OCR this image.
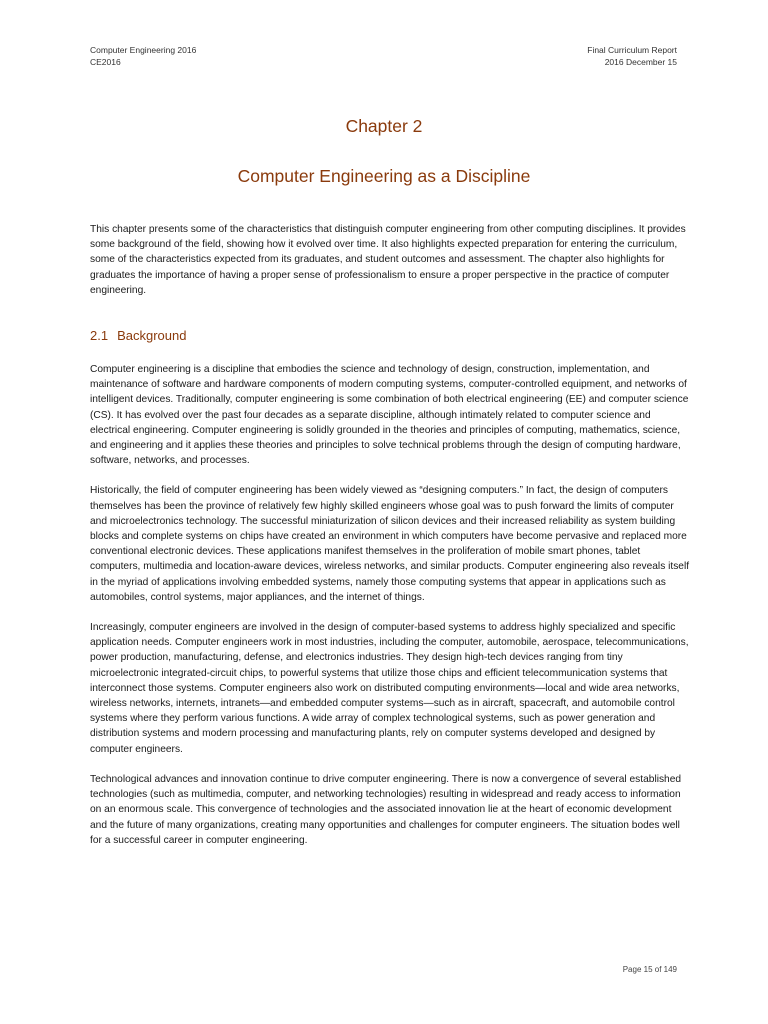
Computer Engineering 2016
CE2016
Final Curriculum Report
2016 December 15
Chapter 2
Computer Engineering as a Discipline

This chapter presents some of the characteristics that distinguish computer engineering from other computing disciplines. It provides some background of the field, showing how it evolved over time. It also highlights expected preparation for entering the curriculum, some of the characteristics expected from its graduates, and student outcomes and assessment. The chapter also highlights for graduates the importance of having a proper sense of professionalism to ensure a proper perspective in the practice of computer engineering.

2.1 Background

Computer engineering is a discipline that embodies the science and technology of design, construction, implementation, and maintenance of software and hardware components of modern computing systems, computer-controlled equipment, and networks of intelligent devices. Traditionally, computer engineering is some combination of both electrical engineering (EE) and computer science (CS). It has evolved over the past four decades as a separate discipline, although intimately related to computer science and electrical engineering. Computer engineering is solidly grounded in the theories and principles of computing, mathematics, science, and engineering and it applies these theories and principles to solve technical problems through the design of computing hardware, software, networks, and processes.

Historically, the field of computer engineering has been widely viewed as “designing computers.” In fact, the design of computers themselves has been the province of relatively few highly skilled engineers whose goal was to push forward the limits of computer and microelectronics technology. The successful miniaturization of silicon devices and their increased reliability as system building blocks and complete systems on chips have created an environment in which computers have become pervasive and replaced more conventional electronic devices. These applications manifest themselves in the proliferation of mobile smart phones, tablet computers, multimedia and location-aware devices, wireless networks, and similar products. Computer engineering also reveals itself in the myriad of applications involving embedded systems, namely those computing systems that appear in applications such as automobiles, control systems, major appliances, and the internet of things.

Increasingly, computer engineers are involved in the design of computer-based systems to address highly specialized and specific application needs. Computer engineers work in most industries, including the computer, automobile, aerospace, telecommunications, power production, manufacturing, defense, and electronics industries. They design high-tech devices ranging from tiny microelectronic integrated-circuit chips, to powerful systems that utilize those chips and efficient telecommunication systems that interconnect those systems. Computer engineers also work on distributed computing environments—local and wide area networks, wireless networks, internets, intranets—and embedded computer systems—such as in aircraft, spacecraft, and automobile control systems where they perform various functions. A wide array of complex technological systems, such as power generation and distribution systems and modern processing and manufacturing plants, rely on computer systems developed and designed by computer engineers.

Technological advances and innovation continue to drive computer engineering. There is now a convergence of several established technologies (such as multimedia, computer, and networking technologies) resulting in widespread and ready access to information on an enormous scale. This convergence of technologies and the associated innovation lie at the heart of economic development and the future of many organizations, creating many opportunities and challenges for computer engineers. The situation bodes well for a successful career in computer engineering.

Page 15 of 149
